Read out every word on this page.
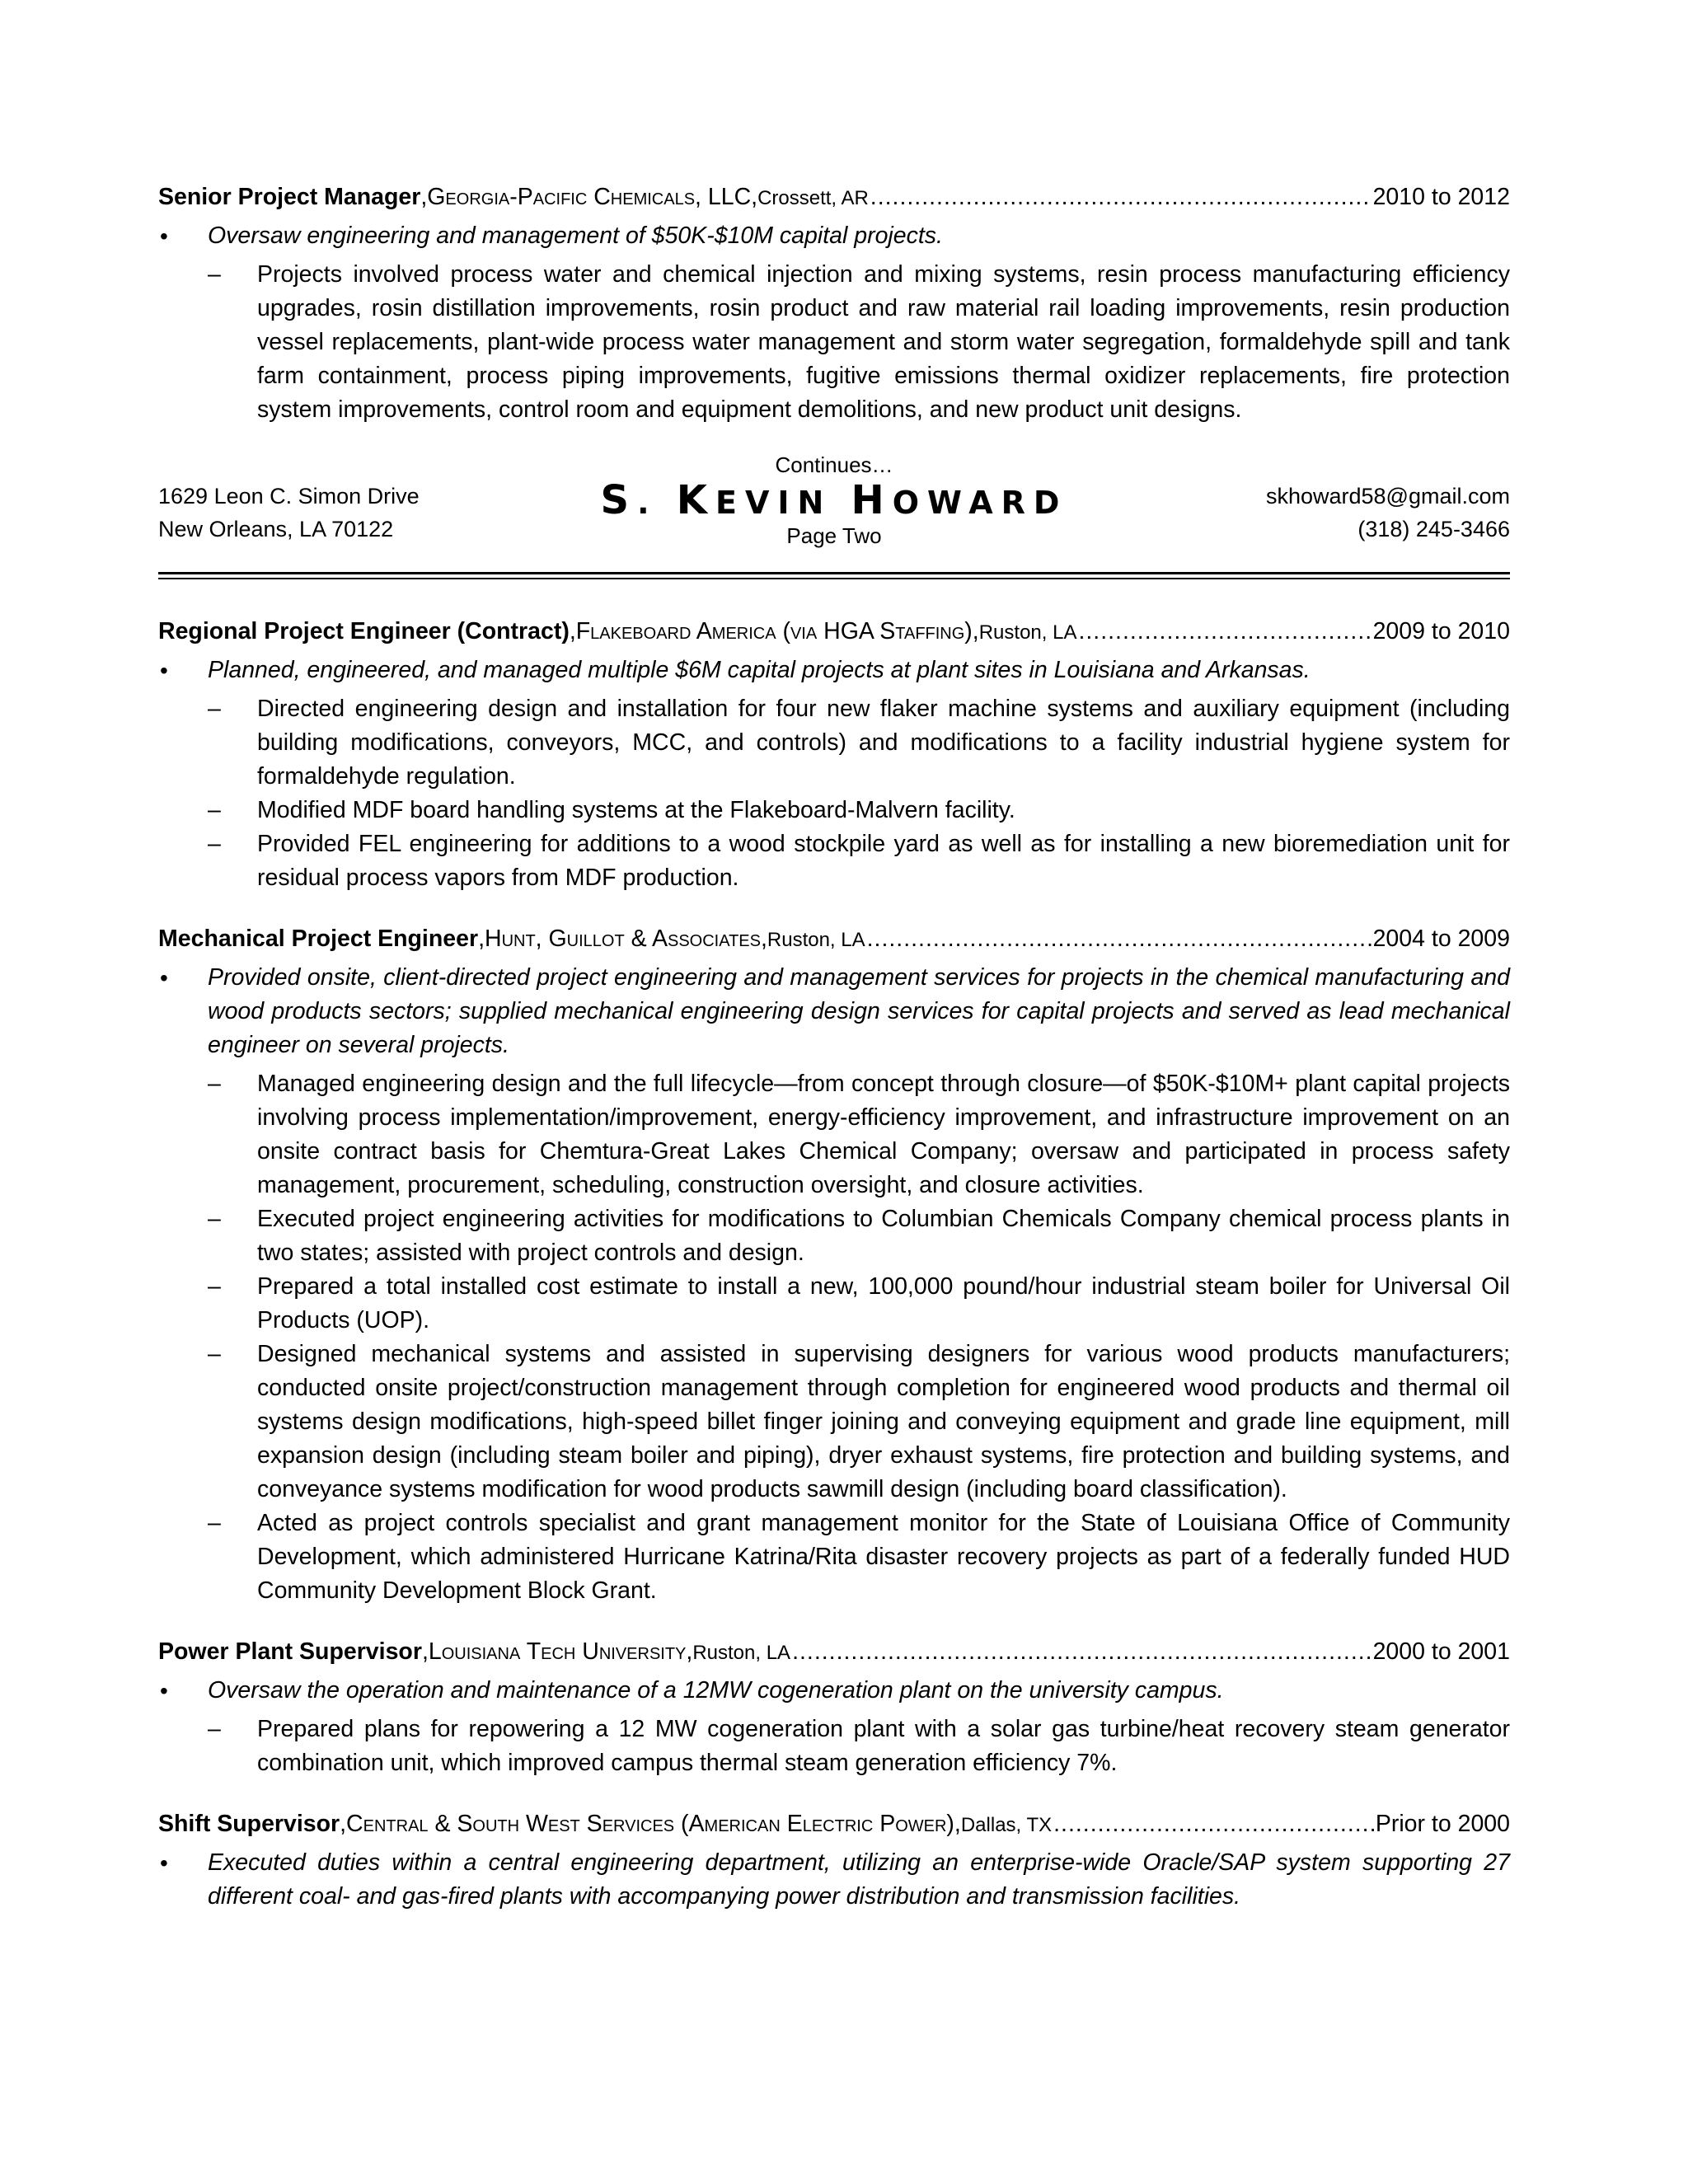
Senior Project Manager , Georgia-Pacific Chemicals, LLC , Crossett, AR .....	2010 to 2012
• Oversaw engineering and management of $50K-$10M capital projects.
– Projects involved process water and chemical injection and mixing systems, resin process manufacturing efficiency upgrades, rosin distillation improvements, rosin product and raw material rail loading improvements, resin production vessel replacements, plant-wide process water management and storm water segregation, formaldehyde spill and tank farm containment, process piping improvements, fugitive emissions thermal oxidizer replacements, fire protection system improvements, control room and equipment demolitions, and new product unit designs.
Continues…
S. KEVIN HOWARD
Page Two
1629 Leon C. Simon Drive
New Orleans, LA 70122
skhoward58@gmail.com
(318) 245-3466
Regional Project Engineer (Contract) , Flakeboard America (via HGA Staffing) , Ruston, LA .....	2009 to 2010
• Planned, engineered, and managed multiple $6M capital projects at plant sites in Louisiana and Arkansas.
– Directed engineering design and installation for four new flaker machine systems and auxiliary equipment (including building modifications, conveyors, MCC, and controls) and modifications to a facility industrial hygiene system for formaldehyde regulation.
– Modified MDF board handling systems at the Flakeboard-Malvern facility.
– Provided FEL engineering for additions to a wood stockpile yard as well as for installing a new bioremediation unit for residual process vapors from MDF production.
Mechanical Project Engineer , Hunt, Guillot & Associates , Ruston, LA .....	2004 to 2009
• Provided onsite, client-directed project engineering and management services for projects in the chemical manufacturing and wood products sectors; supplied mechanical engineering design services for capital projects and served as lead mechanical engineer on several projects.
– Managed engineering design and the full lifecycle—from concept through closure—of $50K-$10M+ plant capital projects involving process implementation/improvement, energy-efficiency improvement, and infrastructure improvement on an onsite contract basis for Chemtura-Great Lakes Chemical Company; oversaw and participated in process safety management, procurement, scheduling, construction oversight, and closure activities.
– Executed project engineering activities for modifications to Columbian Chemicals Company chemical process plants in two states; assisted with project controls and design.
– Prepared a total installed cost estimate to install a new, 100,000 pound/hour industrial steam boiler for Universal Oil Products (UOP).
– Designed mechanical systems and assisted in supervising designers for various wood products manufacturers; conducted onsite project/construction management through completion for engineered wood products and thermal oil systems design modifications, high-speed billet finger joining and conveying equipment and grade line equipment, mill expansion design (including steam boiler and piping), dryer exhaust systems, fire protection and building systems, and conveyance systems modification for wood products sawmill design (including board classification).
– Acted as project controls specialist and grant management monitor for the State of Louisiana Office of Community Development, which administered Hurricane Katrina/Rita disaster recovery projects as part of a federally funded HUD Community Development Block Grant.
Power Plant Supervisor , Louisiana Tech University , Ruston, LA .....	2000 to 2001
• Oversaw the operation and maintenance of a 12MW cogeneration plant on the university campus.
– Prepared plans for repowering a 12 MW cogeneration plant with a solar gas turbine/heat recovery steam generator combination unit, which improved campus thermal steam generation efficiency 7%.
Shift Supervisor , Central & South West Services (American Electric Power) , Dallas, TX .....	Prior to 2000
• Executed duties within a central engineering department, utilizing an enterprise-wide Oracle/SAP system supporting 27 different coal- and gas-fired plants with accompanying power distribution and transmission facilities.
